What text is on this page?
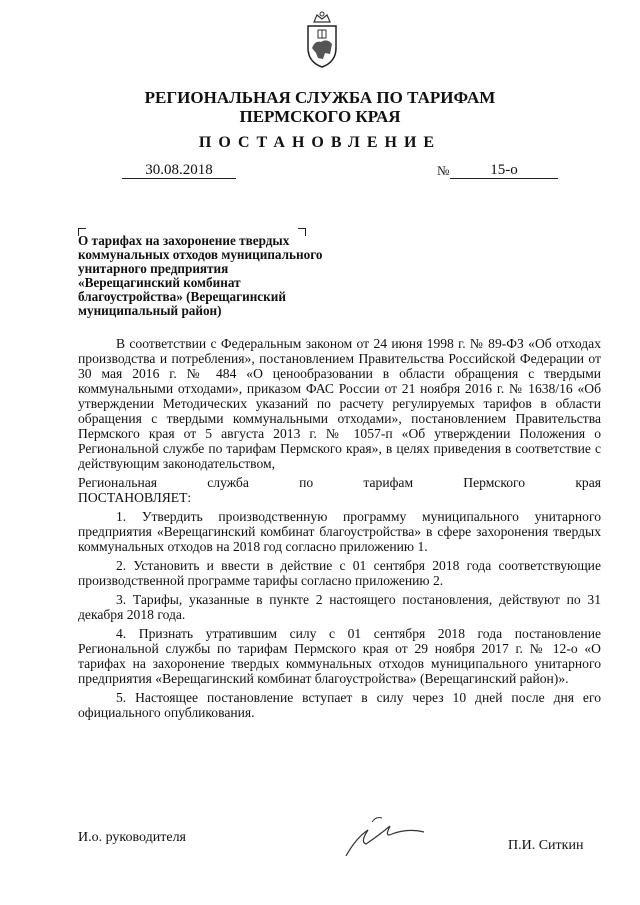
РЕГИОНАЛЬНАЯ СЛУЖБА ПО ТАРИФАМ
ПЕРМСКОГО КРАЯ
ПОСТАНОВЛЕНИЕ
30.08.2018	№	15-о
О тарифах на захоронение твердых
коммунальных отходов муниципального
унитарного предприятия
«Верещагинский комбинат
благоустройства» (Верещагинский
муниципальный район)
В соответствии с Федеральным законом от 24 июня 1998 г. № 89-ФЗ «Об отходах производства и потребления», постановлением Правительства Российской Федерации от 30 мая 2016 г. № 484 «О ценообразовании в области обращения с твердыми коммунальными отходами», приказом ФАС России от 21 ноября 2016 г. № 1638/16 «Об утверждении Методических указаний по расчету регулируемых тарифов в области обращения с твердыми коммунальными отходами», постановлением Правительства Пермского края от 5 августа 2013 г. № 1057-п «Об утверждении Положения о Региональной службе по тарифам Пермского края», в целях приведения в соответствие с действующим законодательством,
Региональная	служба	по	тарифам	Пермского	края
ПОСТАНОВЛЯЕТ:
1. Утвердить производственную программу муниципального унитарного предприятия «Верещагинский комбинат благоустройства» в сфере захоронения твердых коммунальных отходов на 2018 год согласно приложению 1.
2. Установить и ввести в действие с 01 сентября 2018 года соответствующие производственной программе тарифы согласно приложению 2.
3. Тарифы, указанные в пункте 2 настоящего постановления, действуют по 31 декабря 2018 года.
4. Признать утратившим силу с 01 сентября 2018 года постановление Региональной службы по тарифам Пермского края от 29 ноября 2017 г. № 12-о «О тарифах на захоронение твердых коммунальных отходов муниципального унитарного предприятия «Верещагинский комбинат благоустройства» (Верещагинский район)».
5. Настоящее постановление вступает в силу через 10 дней после дня его официального опубликования.
И.о. руководителя
П.И. Ситкин
